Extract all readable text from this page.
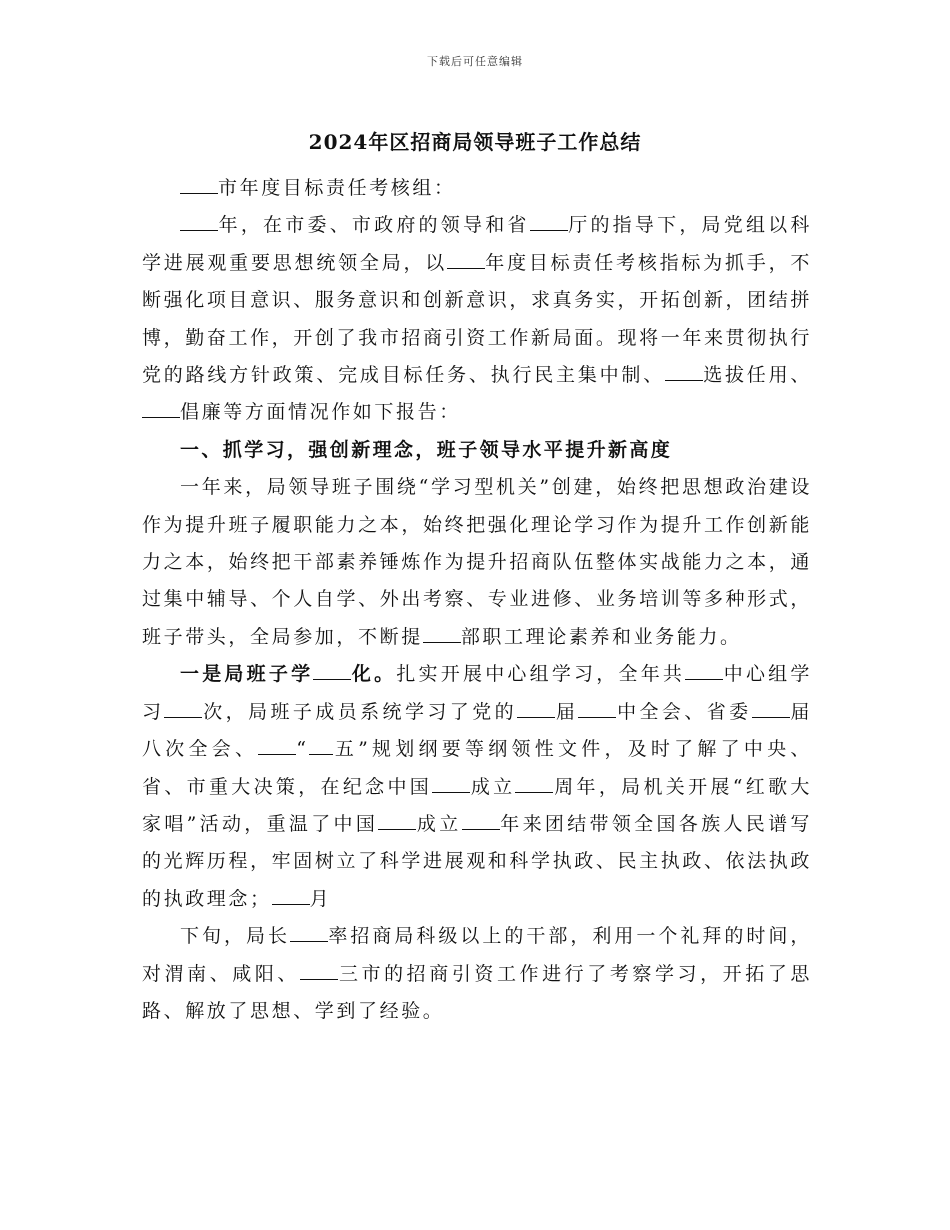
下载后可任意编辑
2024年区招商局领导班子工作总结

市年度目标责任考核组：

年，在市委、市政府的领导和省 厅的指导下，局党组以科学进展观重要思想统领全局，以 年度目标责任考核指标为抓手，不断强化项目意识、服务意识和创新意识，求真务实，开拓创新，团结拼博，勤奋工作，开创了我市招商引资工作新局面。现将一年来贯彻执行党的路线方针政策、完成目标任务、执行民主集中制、 选拔任用、倡廉等方面情况作如下报告：

一、抓学习，强创新理念，班子领导水平提升新高度

一年来，局领导班子围绕“学习型机关”创建，始终把思想政治建设作为提升班子履职能力之本，始终把强化理论学习作为提升工作创新能力之本，始终把干部素养锤炼作为提升招商队伍整体实战能力之本，通过集中辅导、个人自学、外出考察、专业进修、业务培训等多种形式，班子带头，全局参加，不断提 部职工理论素养和业务能力。

一是局班子学 化。扎实开展中心组学习，全年共 中心组学习 次，局班子成员系统学习了党的 届 中全会、省委 届八次全会、 “ 五”规划纲要等纲领性文件，及时了解了中央、省、市重大决策，在纪念中国 成立 周年，局机关开展“红歌大家唱”活动，重温了中国 成立 年来团结带领全国各族人民谱写的光辉历程，牢固树立了科学进展观和科学执政、民主执政、依法执政的执政理念； 月

下旬，局长 率招商局科级以上的干部，利用一个礼拜的时间，对渭南、咸阳、 三市的招商引资工作进行了考察学习，开拓了思路、解放了思想、学到了经验。
